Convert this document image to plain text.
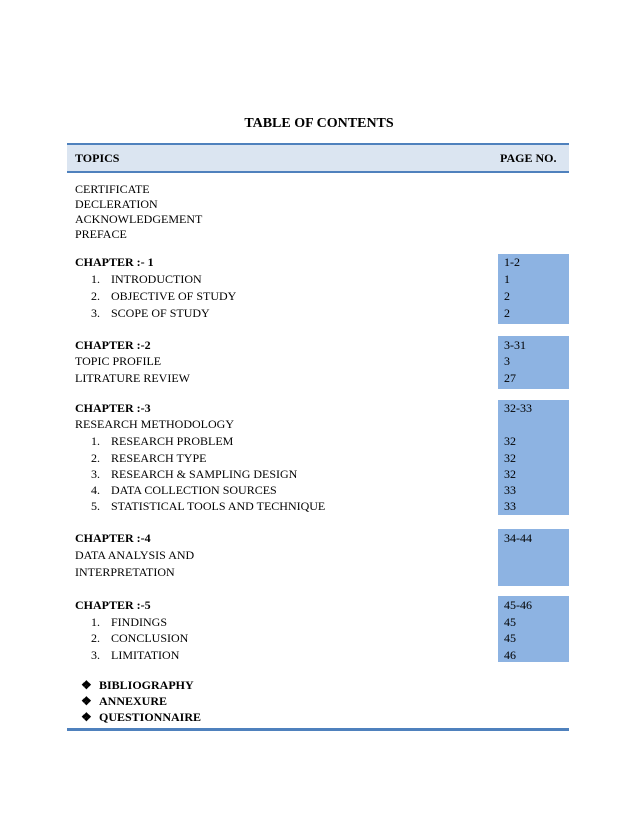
TABLE OF CONTENTS
TOPICS	PAGE NO.
CERTIFICATE
DECLERATION
ACKNOWLEDGEMENT
PREFACE
CHAPTER :- 1	1-2
1. INTRODUCTION	1
2. OBJECTIVE OF STUDY	2
3. SCOPE OF STUDY	2
CHAPTER :-2	3-31
TOPIC PROFILE	3
LITRATURE REVIEW	27
CHAPTER :-3	32-33
RESEARCH METHODOLOGY
1. RESEARCH PROBLEM	32
2. RESEARCH TYPE	32
3. RESEARCH & SAMPLING DESIGN	32
4. DATA COLLECTION SOURCES	33
5. STATISTICAL TOOLS AND TECHNIQUE	33
CHAPTER :-4	34-44
DATA ANALYSIS AND
INTERPRETATION
CHAPTER :-5	45-46
1. FINDINGS	45
2. CONCLUSION	45
3. LIMITATION	46
❖ BIBLIOGRAPHY
❖ ANNEXURE
❖ QUESTIONNAIRE
